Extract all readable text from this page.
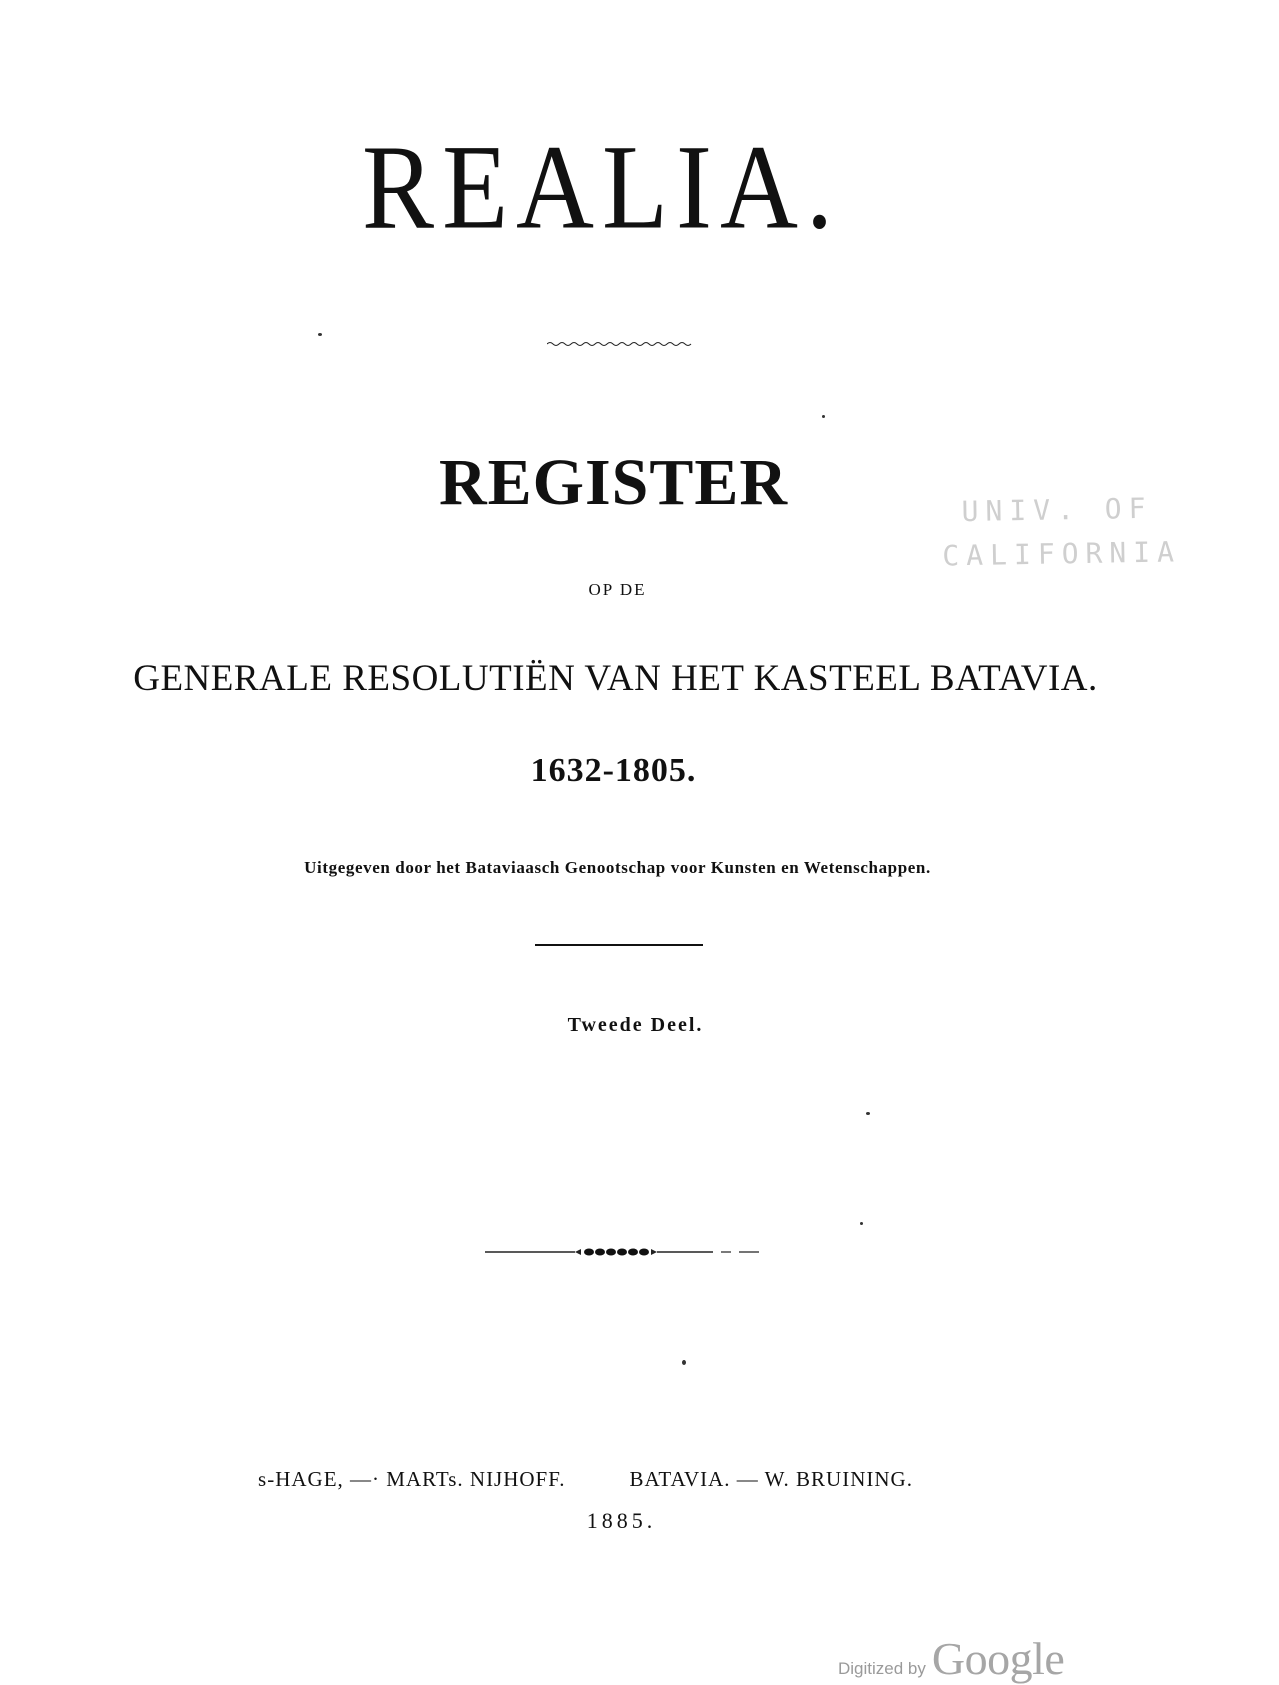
REALIA.
REGISTER
OP DE
GENERALE RESOLUTIËN VAN HET KASTEEL BATAVIA.
1632-1805.
Uitgegeven door het Bataviaasch Genootschap voor Kunsten en Wetenschappen.
Tweede Deel.
s-HAGE, —· MARTs. NIJHOFF.	BATAVIA. — W. BRUINING.
1885.
UNIV. OF
CALIFORNIA
Digitized by Google
